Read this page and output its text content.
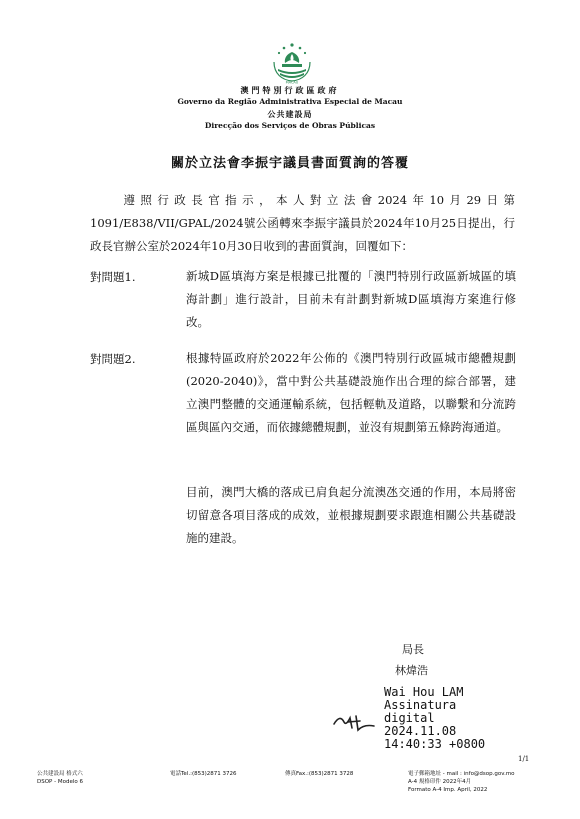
MACAU
澳門特別行政區政府
Governo da Região Administrativa Especial de Macau
公共建設局
Direcção dos Serviços de Obras Públicas
關於立法會李振宇議員書面質詢的答覆
遵照行政長官指示，本人對立法會2024年10月29日第1091/E838/VII/GPAL/2024號公函轉來李振宇議員於2024年10月25日提出，行政長官辦公室於2024年10月30日收到的書面質詢，回覆如下：
對問題1.	新城D區填海方案是根據已批覆的「澳門特別行政區新城區的填海計劃」進行設計，目前未有計劃對新城D區填海方案進行修改。
對問題2.	根據特區政府於2022年公佈的《澳門特別行政區城市總體規劃(2020-2040)》，當中對公共基礎設施作出合理的綜合部署，建立澳門整體的交通運輸系統，包括輕軌及道路，以聯繫和分流跨區與區內交通，而依據總體規劃，並沒有規劃第五條跨海通道。
目前，澳門大橋的落成已肩負起分流澳氹交通的作用，本局將密切留意各項目落成的成效，並根據規劃要求跟進相關公共基礎設施的建設。
局長
林煒浩
Wai Hou LAM
Assinatura
digital
2024.11.08
14:40:33 +0800
1/1
公共建設局 格式六
DSOP - Modelo 6
電話Tel.:(853)2871 3726	傳真Fax.:(853)2871 3728	電子郵箱地址 - mail : info@dsop.gov.mo
A-4 規格印件 2022年4月
Formato A-4 Imp. April, 2022
